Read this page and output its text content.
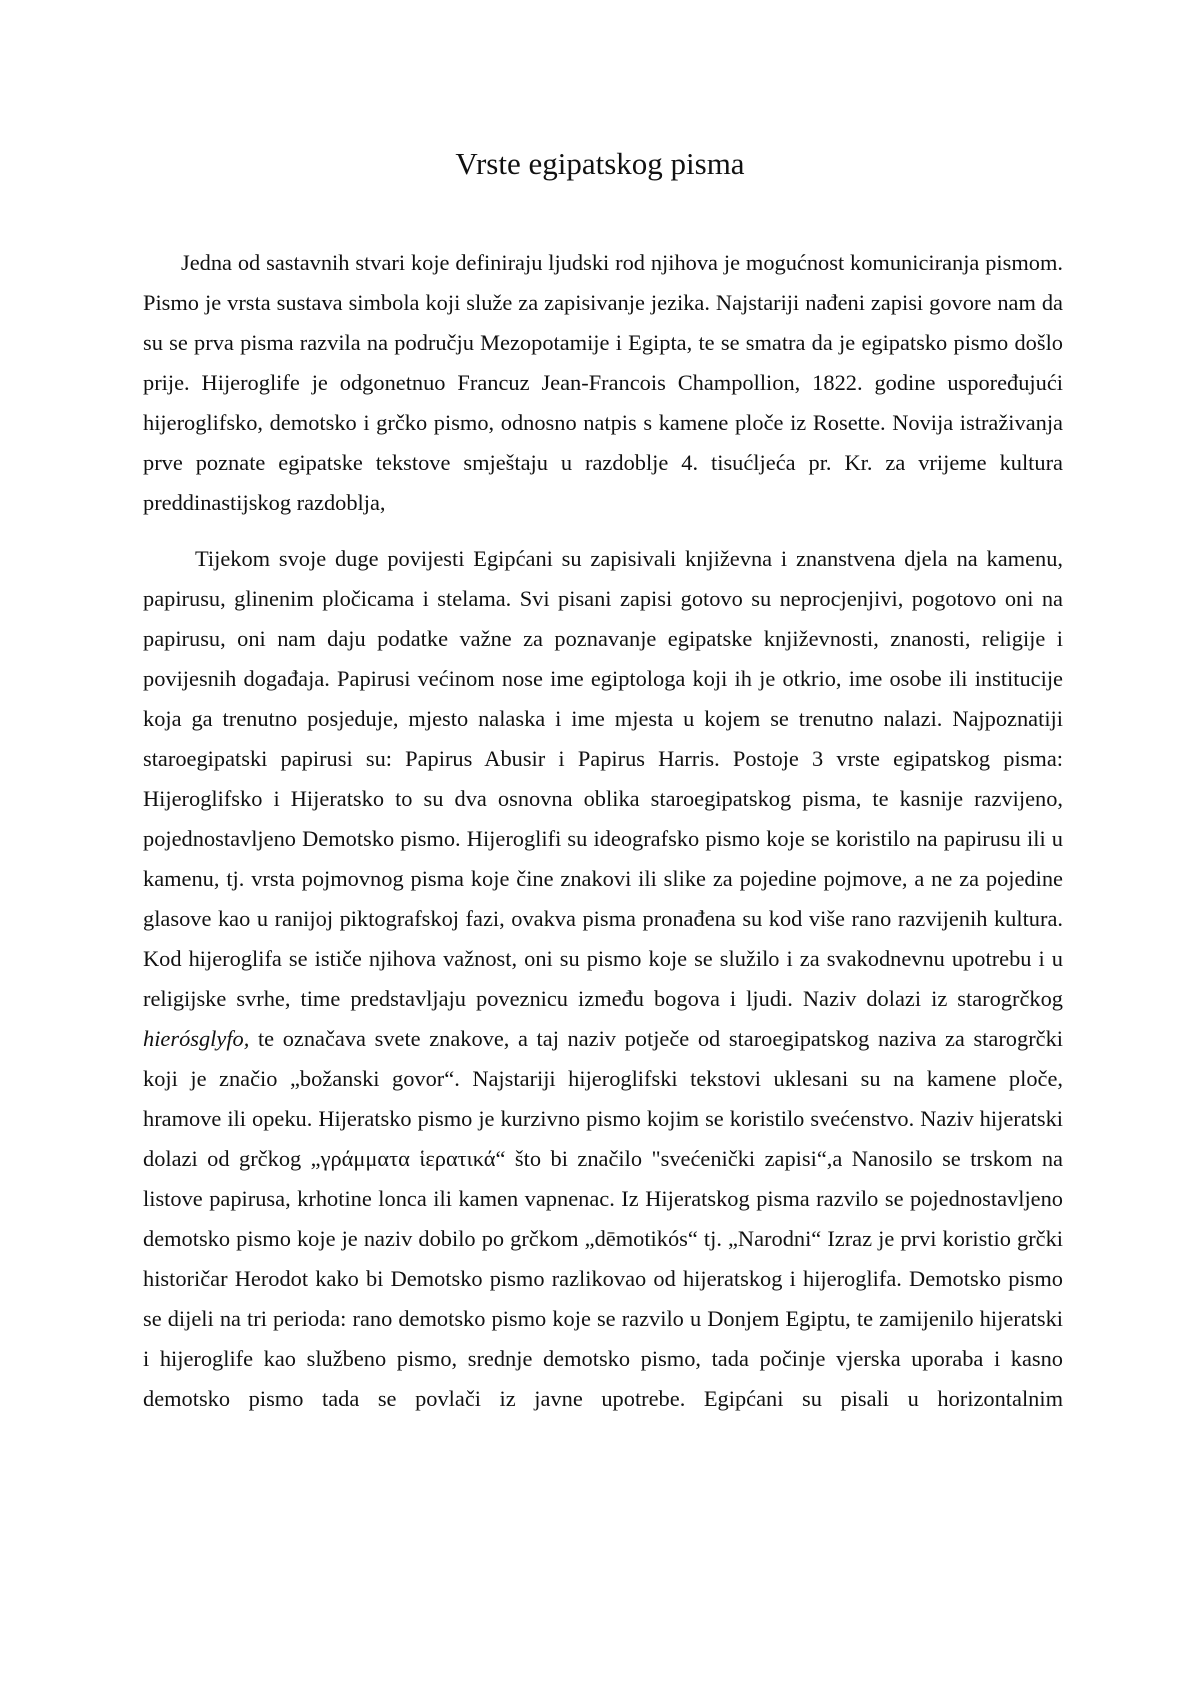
Vrste egipatskog pisma

Jedna od sastavnih stvari koje definiraju ljudski rod njihova je mogućnost komuniciranja pismom. Pismo je vrsta sustava simbola koji služe za zapisivanje jezika. Najstariji nađeni zapisi govore nam da su se prva pisma razvila na području Mezopotamije i Egipta, te se smatra da je egipatsko pismo došlo prije. Hijeroglife je odgonetnuo Francuz Jean-Francois Champollion, 1822. godine uspoređujući hijeroglifsko, demotsko i grčko pismo, odnosno natpis s kamene ploče iz Rosette. Novija istraživanja prve poznate egipatske tekstove smještaju u razdoblje 4. tisućljeća pr. Kr. za vrijeme kultura preddinastijskog razdoblja,

Tijekom svoje duge povijesti Egipćani su zapisivali književna i znanstvena djela na kamenu, papirusu, glinenim pločicama i stelama. Svi pisani zapisi gotovo su neprocjenjivi, pogotovo oni na papirusu, oni nam daju podatke važne za poznavanje egipatske književnosti, znanosti, religije i povijesnih događaja. Papirusi većinom nose ime egiptologa koji ih je otkrio, ime osobe ili institucije koja ga trenutno posjeduje, mjesto nalaska i ime mjesta u kojem se trenutno nalazi. Najpoznatiji staroegipatski papirusi su: Papirus Abusir i Papirus Harris. Postoje 3 vrste egipatskog pisma: Hijeroglifsko i Hijeratsko to su dva osnovna oblika staroegipatskog pisma, te kasnije razvijeno, pojednostavljeno Demotsko pismo. Hijeroglifi su ideografsko pismo koje se koristilo na papirusu ili u kamenu, tj. vrsta pojmovnog pisma koje čine znakovi ili slike za pojedine pojmove, a ne za pojedine glasove kao u ranijoj piktografskoj fazi, ovakva pisma pronađena su kod više rano razvijenih kultura. Kod hijeroglifa se ističe njihova važnost, oni su pismo koje se služilo i za svakodnevnu upotrebu i u religijske svrhe, time predstavljaju poveznicu između bogova i ljudi. Naziv dolazi iz starogrčkog hierósglyfo, te označava svete znakove, a taj naziv potječe od staroegipatskog naziva za starogrčki koji je značio „božanski govor“. Najstariji hijeroglifski tekstovi uklesani su na kamene ploče, hramove ili opeku. Hijeratsko pismo je kurzivno pismo kojim se koristilo svećenstvo. Naziv hijeratski dolazi od grčkog „γράμματα ἱερατικά“ što bi značilo "svećenički zapisi“,a Nanosilo se trskom na listove papirusa, krhotine lonca ili kamen vapnenac. Iz Hijeratskog pisma razvilo se pojednostavljeno demotsko pismo koje je naziv dobilo po grčkom „dēmotikós“ tj. „Narodni“ Izraz je prvi koristio grčki historičar Herodot kako bi Demotsko pismo razlikovao od hijeratskog i hijeroglifa. Demotsko pismo se dijeli na tri perioda: rano demotsko pismo koje se razvilo u Donjem Egiptu, te zamijenilo hijeratski i hijeroglife kao službeno pismo, srednje demotsko pismo, tada počinje vjerska uporaba i kasno demotsko pismo tada se povlači iz javne upotrebe. Egipćani su pisali u horizontalnim
